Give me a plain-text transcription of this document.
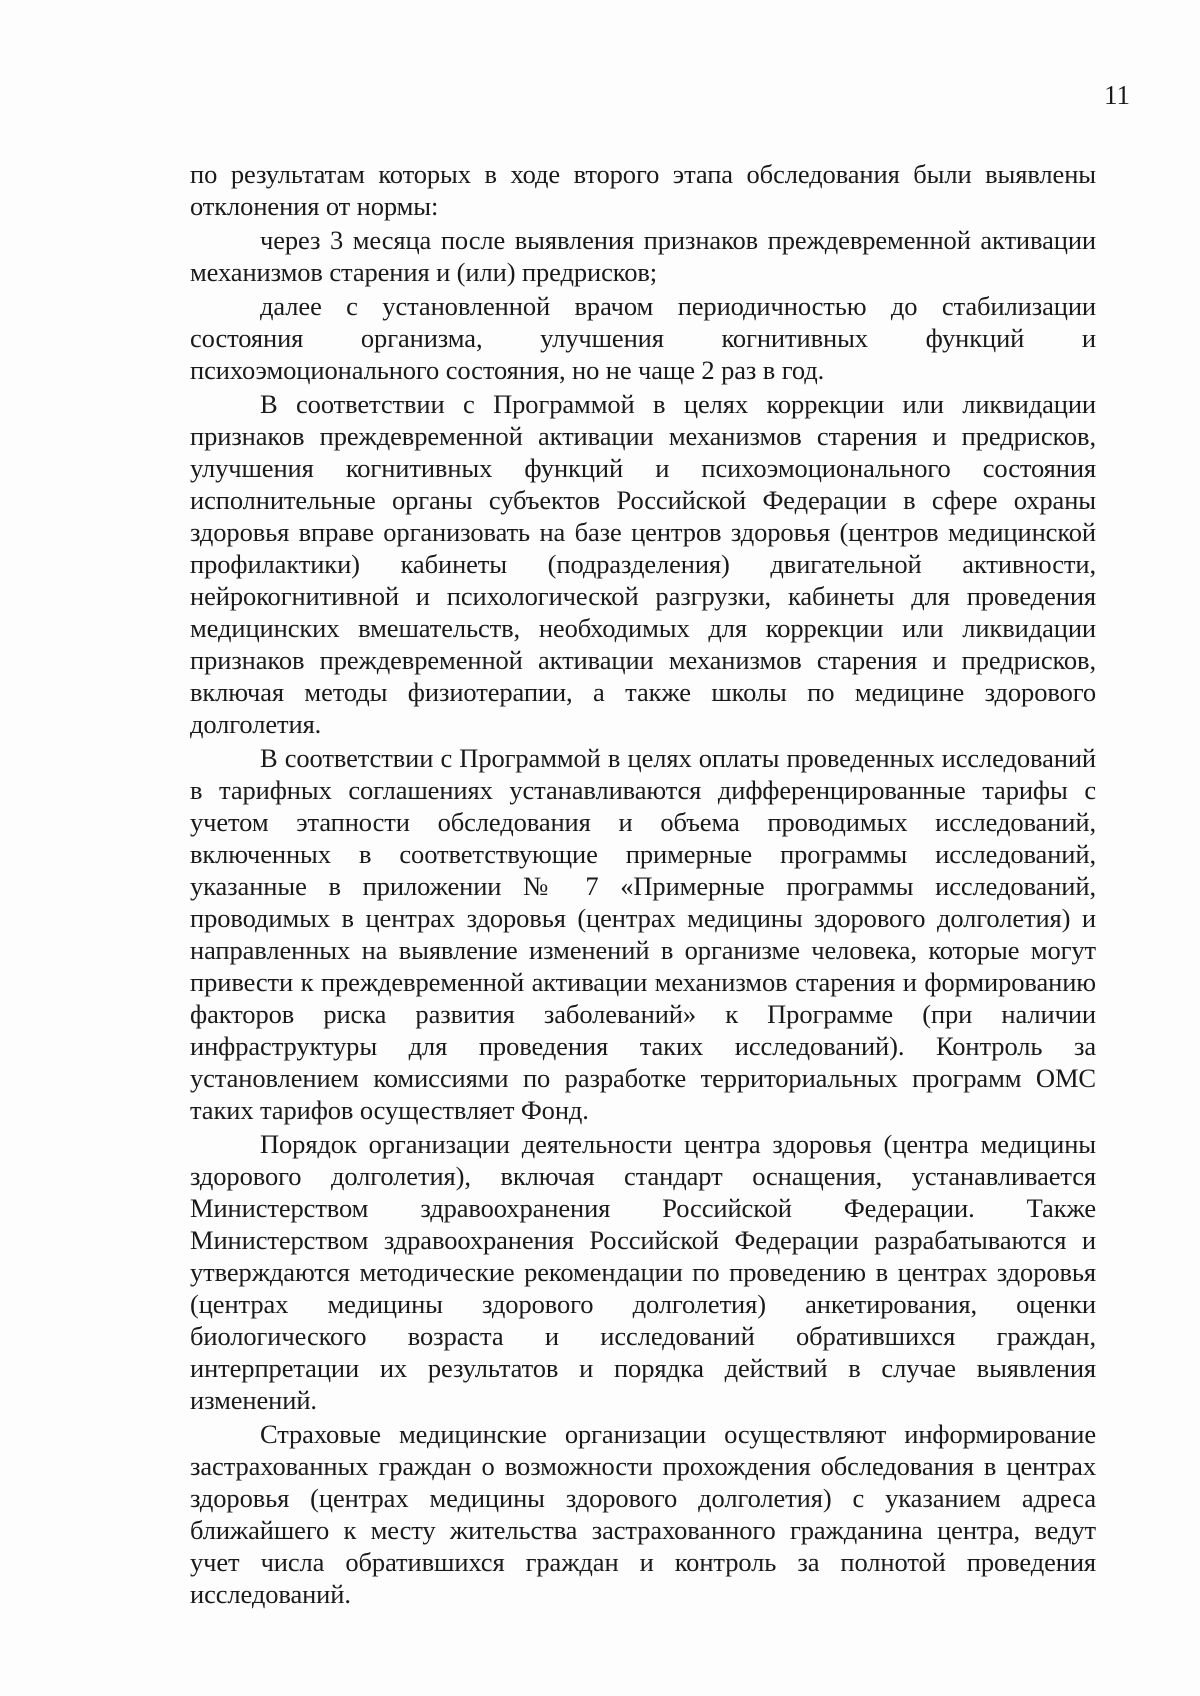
11

по результатам которых в ходе второго этапа обследования были выявлены отклонения от нормы:

через 3 месяца после выявления признаков преждевременной активации механизмов старения и (или) предрисков;

далее с установленной врачом периодичностью до стабилизации состояния организма, улучшения когнитивных функций и психоэмоционального состояния, но не чаще 2 раз в год.

В соответствии с Программой в целях коррекции или ликвидации признаков преждевременной активации механизмов старения и предрисков, улучшения когнитивных функций и психоэмоционального состояния исполнительные органы субъектов Российской Федерации в сфере охраны здоровья вправе организовать на базе центров здоровья (центров медицинской профилактики) кабинеты (подразделения) двигательной активности, нейрокогнитивной и психологической разгрузки, кабинеты для проведения медицинских вмешательств, необходимых для коррекции или ликвидации признаков преждевременной активации механизмов старения и предрисков, включая методы физиотерапии, а также школы по медицине здорового долголетия.

В соответствии с Программой в целях оплаты проведенных исследований в тарифных соглашениях устанавливаются дифференцированные тарифы с учетом этапности обследования и объема проводимых исследований, включенных в соответствующие примерные программы исследований, указанные в приложении № 7 «Примерные программы исследований, проводимых в центрах здоровья (центрах медицины здорового долголетия) и направленных на выявление изменений в организме человека, которые могут привести к преждевременной активации механизмов старения и формированию факторов риска развития заболеваний» к Программе (при наличии инфраструктуры для проведения таких исследований). Контроль за установлением комиссиями по разработке территориальных программ ОМС таких тарифов осуществляет Фонд.

Порядок организации деятельности центра здоровья (центра медицины здорового долголетия), включая стандарт оснащения, устанавливается Министерством здравоохранения Российской Федерации. Также Министерством здравоохранения Российской Федерации разрабатываются и утверждаются методические рекомендации по проведению в центрах здоровья (центрах медицины здорового долголетия) анкетирования, оценки биологического возраста и исследований обратившихся граждан, интерпретации их результатов и порядка действий в случае выявления изменений.

Страховые медицинские организации осуществляют информирование застрахованных граждан о возможности прохождения обследования в центрах здоровья (центрах медицины здорового долголетия) с указанием адреса ближайшего к месту жительства застрахованного гражданина центра, ведут учет числа обратившихся граждан и контроль за полнотой проведения исследований.
